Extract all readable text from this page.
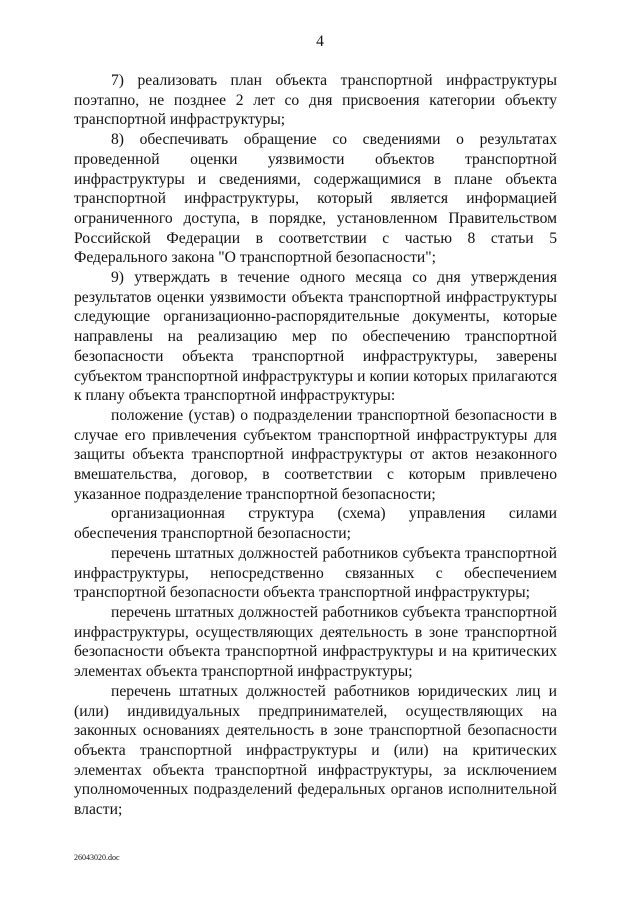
4

7) реализовать план объекта транспортной инфраструктуры поэтапно, не позднее 2 лет со дня присвоения категории объекту транспортной инфраструктуры;

8) обеспечивать обращение со сведениями о результатах проведенной оценки уязвимости объектов транспортной инфраструктуры и сведениями, содержащимися в плане объекта транспортной инфраструктуры, который является информацией ограниченного доступа, в порядке, установленном Правительством Российской Федерации в соответствии с частью 8 статьи 5 Федерального закона "О транспортной безопасности";

9) утверждать в течение одного месяца со дня утверждения результатов оценки уязвимости объекта транспортной инфраструктуры следующие организационно-распорядительные документы, которые направлены на реализацию мер по обеспечению транспортной безопасности объекта транспортной инфраструктуры, заверены субъектом транспортной инфраструктуры и копии которых прилагаются к плану объекта транспортной инфраструктуры:

положение (устав) о подразделении транспортной безопасности в случае его привлечения субъектом транспортной инфраструктуры для защиты объекта транспортной инфраструктуры от актов незаконного вмешательства, договор, в соответствии с которым привлечено указанное подразделение транспортной безопасности;

организационная структура (схема) управления силами обеспечения транспортной безопасности;

перечень штатных должностей работников субъекта транспортной инфраструктуры, непосредственно связанных с обеспечением транспортной безопасности объекта транспортной инфраструктуры;

перечень штатных должностей работников субъекта транспортной инфраструктуры, осуществляющих деятельность в зоне транспортной безопасности объекта транспортной инфраструктуры и на критических элементах объекта транспортной инфраструктуры;

перечень штатных должностей работников юридических лиц и (или) индивидуальных предпринимателей, осуществляющих на законных основаниях деятельность в зоне транспортной безопасности объекта транспортной инфраструктуры и (или) на критических элементах объекта транспортной инфраструктуры, за исключением уполномоченных подразделений федеральных органов исполнительной власти;

26043020.doc
